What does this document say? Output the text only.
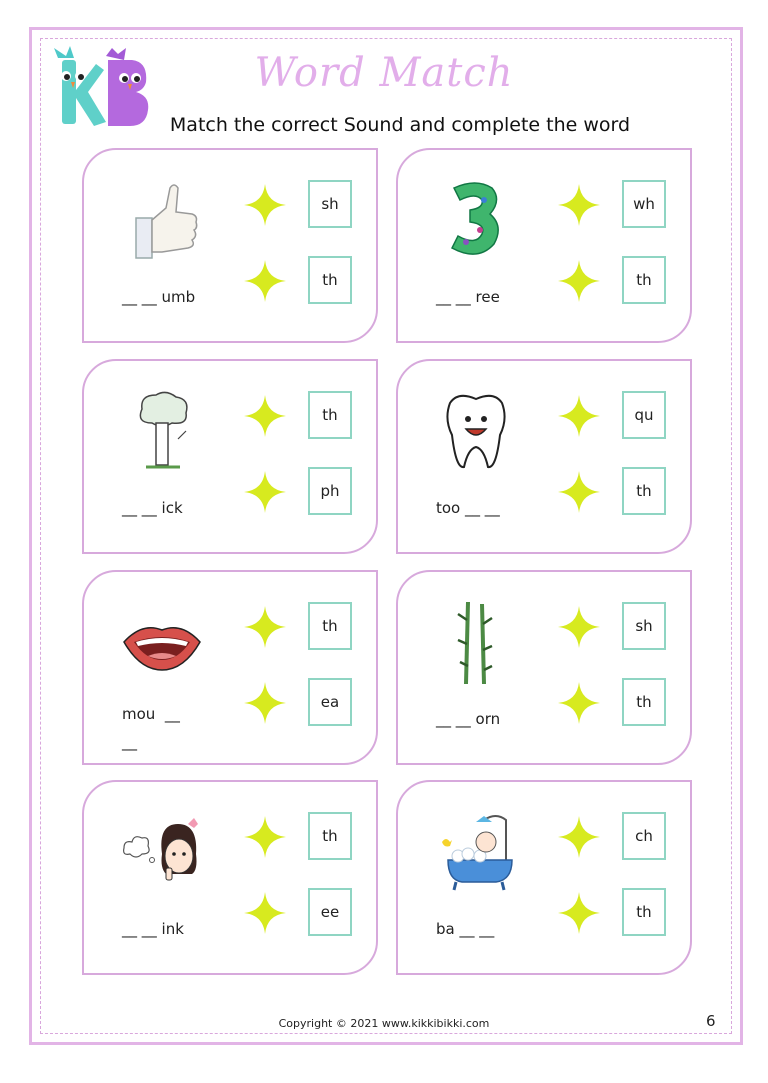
Word Match
Match the correct Sound and complete the word
__ __ umb
sh
th
__ __ ree
wh
th
__ __ ick
th
ph
too __ __
qu
th
mou  __
__
th
ea
__ __ orn
sh
th
__ __ ink
th
ee
ba __ __
ch
th
Copyright © 2021 www.kikkibikki.com	6
